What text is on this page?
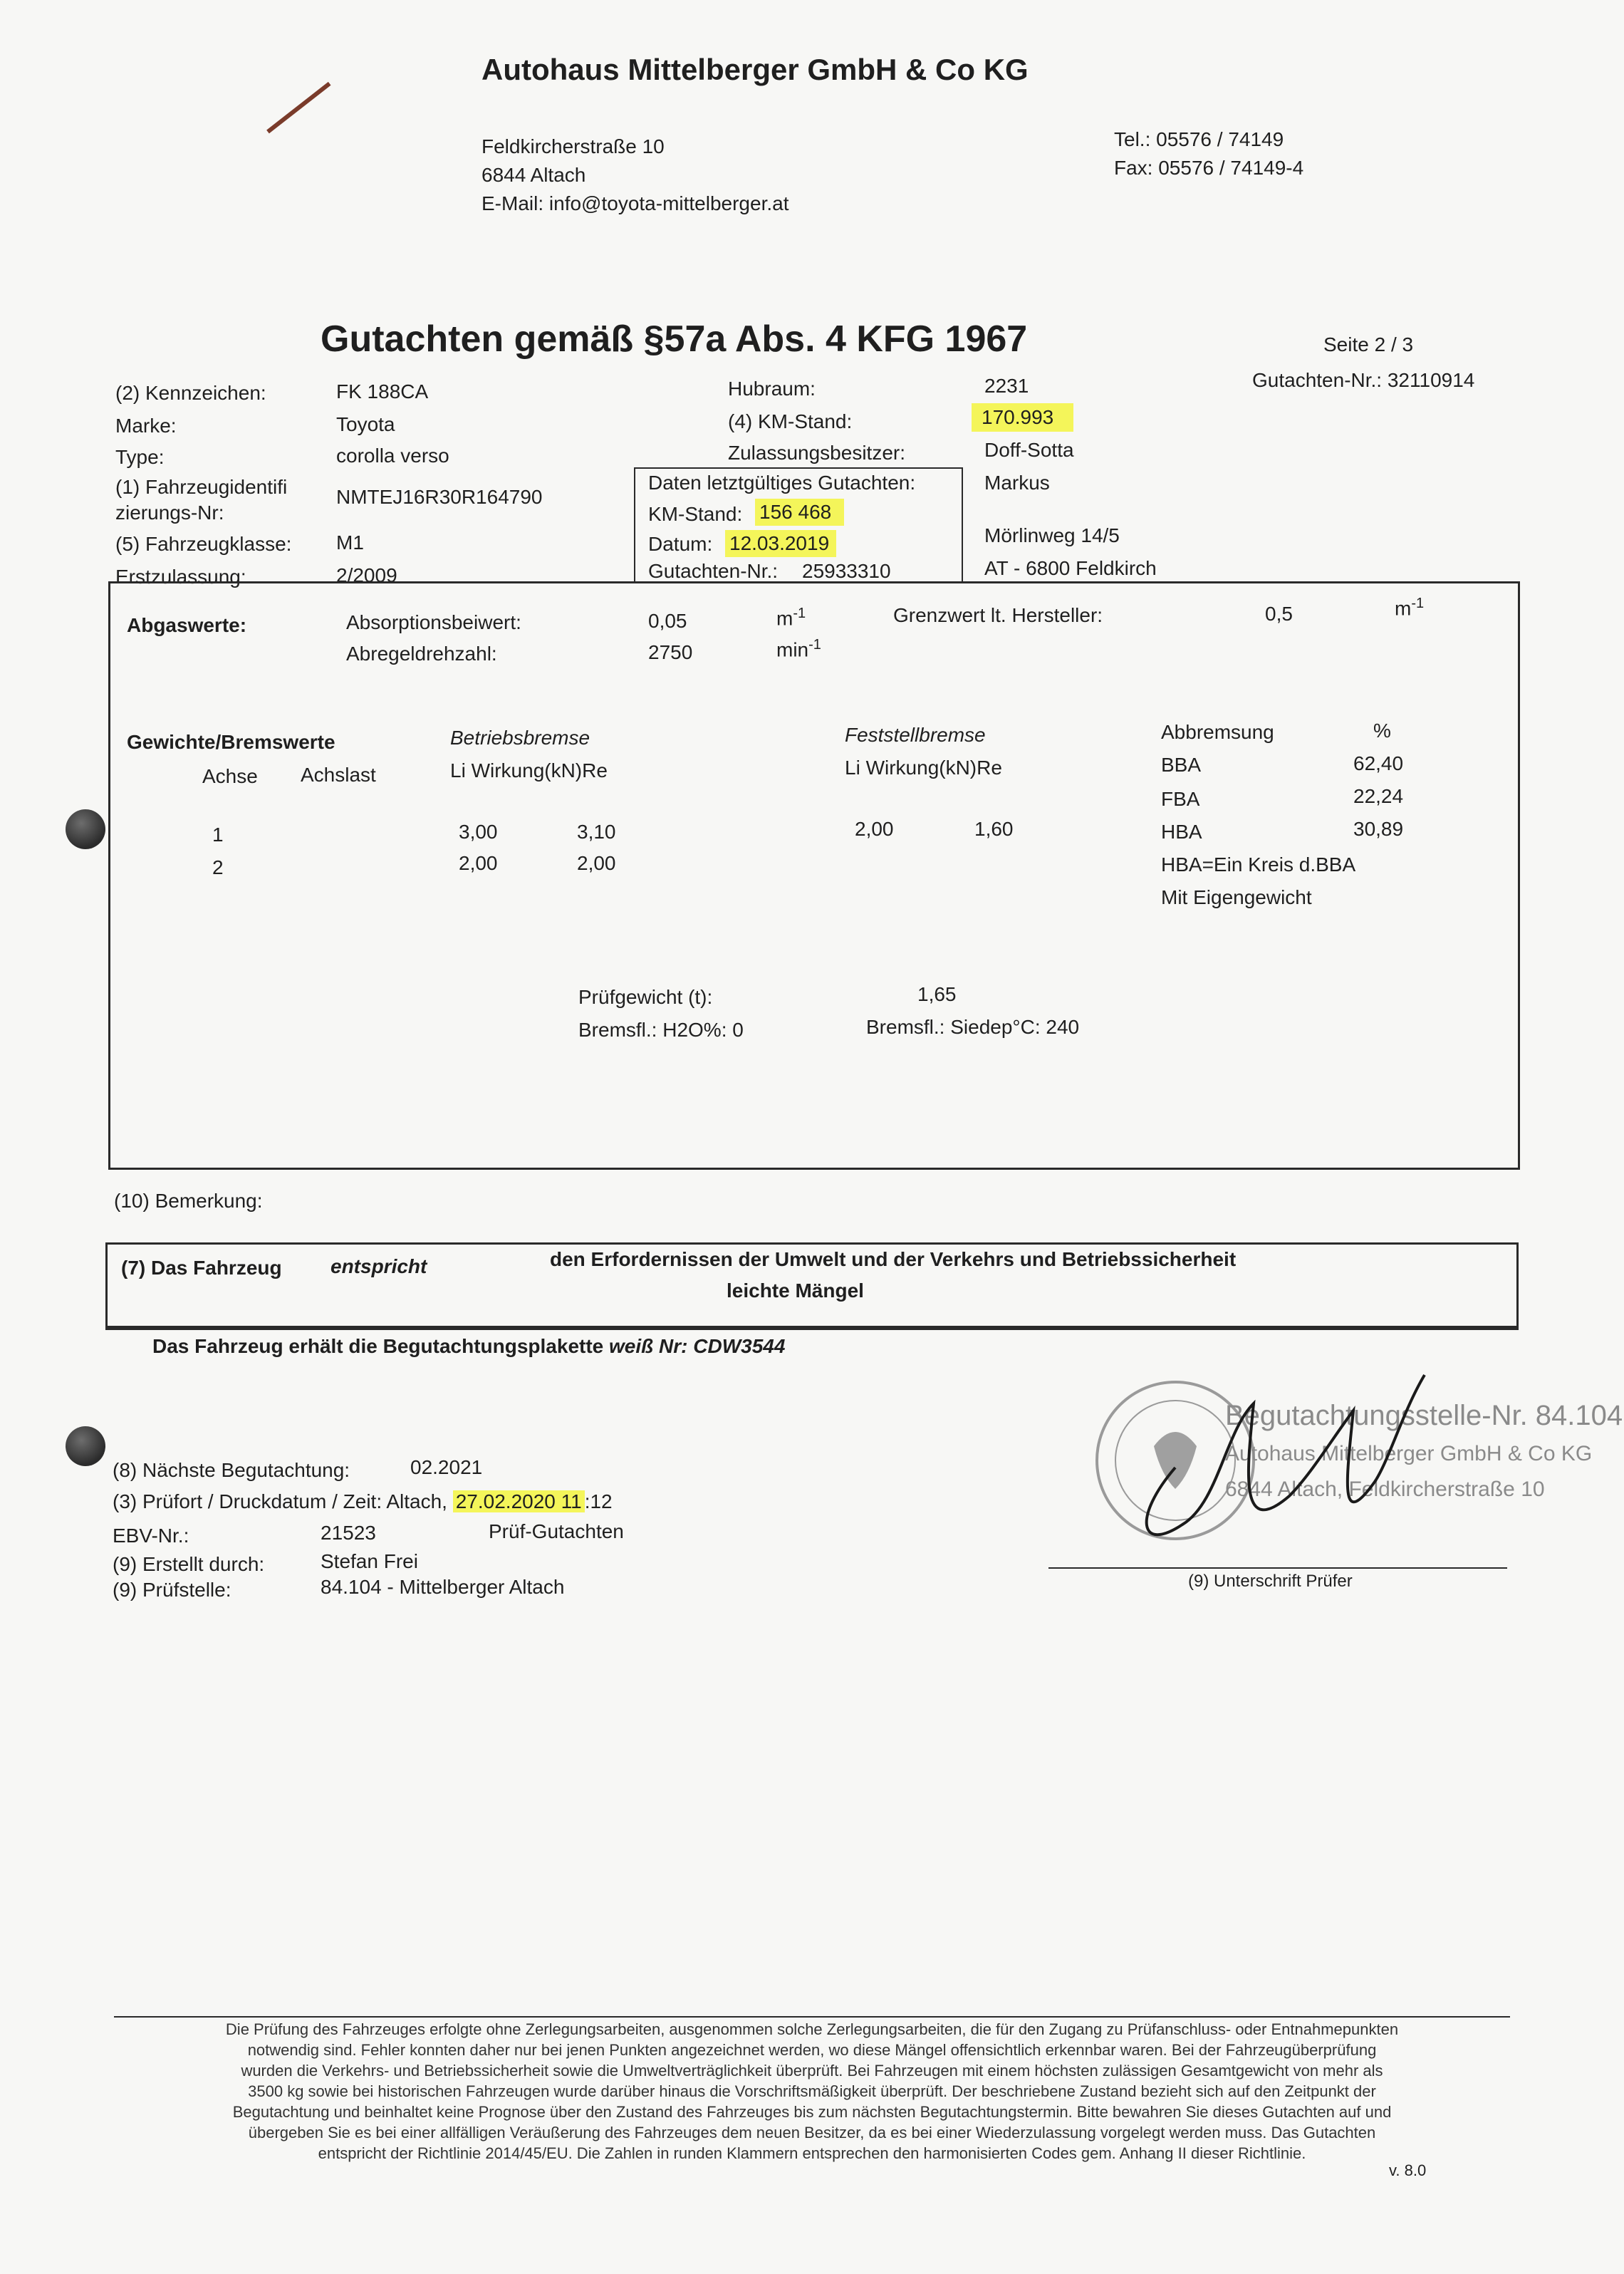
Autohaus Mittelberger GmbH & Co KG
Feldkircherstraße 10
6844 Altach
E-Mail: info@toyota-mittelberger.at
Tel.: 05576 / 74149
Fax: 05576 / 74149-4
Gutachten gemäß §57a Abs. 4 KFG 1967	Seite 2 / 3
Gutachten-Nr.: 32110914
(2) Kennzeichen:	FK 188CA
Marke:	Toyota
Type:	corolla verso
(1) Fahrzeugidentifi
zierungs-Nr:
NMTEJ16R30R164790
(5) Fahrzeugklasse: M1
Erstzulassung:	2/2009
Hubraum:	2231
(4) KM-Stand:	170.993
Zulassungsbesitzer:	Doff-Sotta
Markus
Mörlinweg 14/5
AT - 6800 Feldkirch
Daten letztgültiges Gutachten:
KM-Stand: 156 468
Datum: 12.03.2019
Gutachten-Nr.: 25933310
Abgaswerte:	Absorptionsbeiwert:	0,05	$m^{-1}$
Abregeldrehzahl:	2750	$\min^{-1}$
Grenzwert lt. Hersteller:	0,5	$m^{-1}$
Gewichte/Bremswerte
Achse Achslast
Betriebsbremse
Li Wirkung(kN)Re
Feststellbremse
Li Wirkung(kN)Re
1	3,00	3,10	2,00	1,60
2	2,00	2,00
Abbremsung	%
BBA	62,40
FBA	22,24
HBA	30,89
HBA=Ein Kreis d.BBA
Mit Eigengewicht
Prüfgewicht (t):	1,65
Bremsfl.: H2O%: 0	Bremsfl.: Siedep°C: 240
(10) Bemerkung:
(7) Das Fahrzeug entspricht	den Erfordernissen der Umwelt und der Verkehrs und Betriebssicherheit
leichte Mängel
Das Fahrzeug erhält die Begutachtungsplakette weiß Nr: CDW3544
(8) Nächste Begutachtung:	02.2021
(3) Prüfort / Druckdatum / Zeit: Altach, 27.02.2020 11 :12
EBV-Nr.:	21523	Prüf-Gutachten
(9) Erstellt durch:	Stefan Frei
(9) Prüfstelle:	84.104 - Mittelberger Altach
Begutachtungsstelle-Nr. 84.104
Autohaus Mittelberger GmbH & Co KG
6844 Altach, Feldkircherstraße 10
(9) Unterschrift Prüfer
Die Prüfung des Fahrzeuges erfolgte ohne Zerlegungsarbeiten, ausgenommen solche Zerlegungsarbeiten, die für den Zugang zu Prüfanschluss- oder Entnahmepunkten
notwendig sind. Fehler konnten daher nur bei jenen Punkten angezeichnet werden, wo diese Mängel offensichtlich erkennbar waren. Bei der Fahrzeugüberprüfung
wurden die Verkehrs- und Betriebssicherheit sowie die Umweltverträglichkeit überprüft. Bei Fahrzeugen mit einem höchsten zulässigen Gesamtgewicht von mehr als
3500 kg sowie bei historischen Fahrzeugen wurde darüber hinaus die Vorschriftsmäßigkeit überprüft. Der beschriebene Zustand bezieht sich auf den Zeitpunkt der
Begutachtung und beinhaltet keine Prognose über den Zustand des Fahrzeuges bis zum nächsten Begutachtungstermin. Bitte bewahren Sie dieses Gutachten auf und
übergeben Sie es bei einer allfälligen Veräußerung des Fahrzeuges dem neuen Besitzer, da es bei einer Wiederzulassung vorgelegt werden muss. Das Gutachten
entspricht der Richtlinie 2014/45/EU. Die Zahlen in runden Klammern entsprechen den harmonisierten Codes gem. Anhang II dieser Richtlinie.
v. 8.0
